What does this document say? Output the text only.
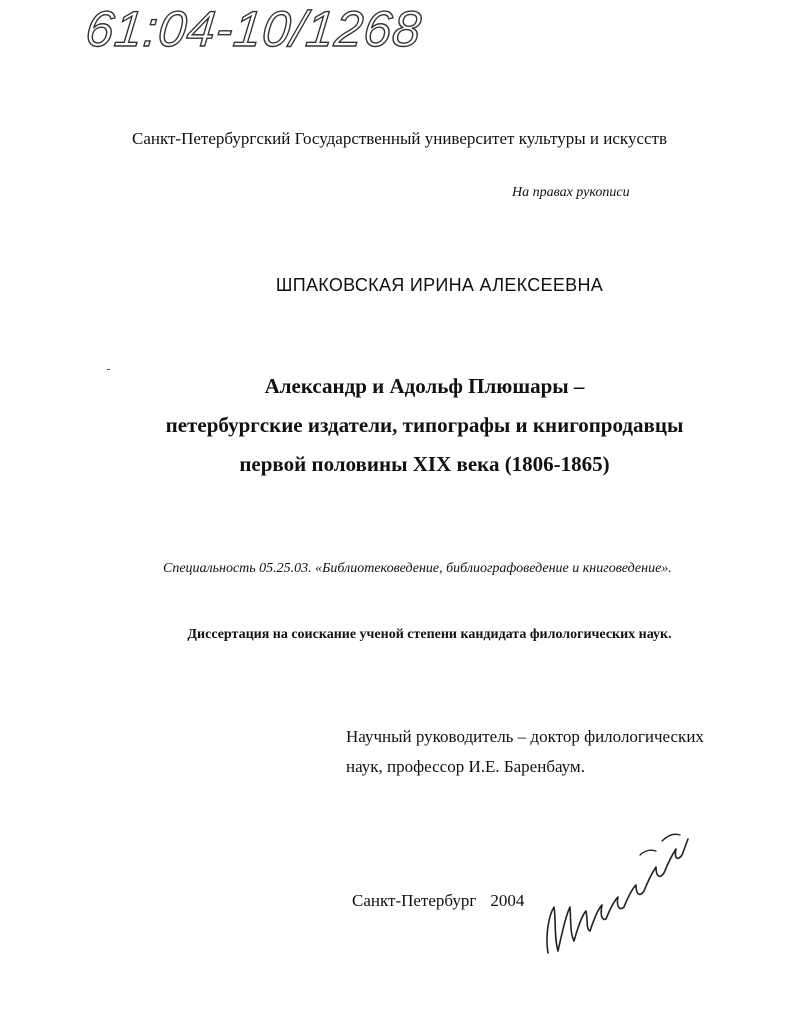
61:04-10/1268
Санкт-Петербургский Государственный университет культуры и искусств
На правах рукописи
ШПАКОВСКАЯ ИРИНА АЛЕКСЕЕВНА
Александр и Адольф Плюшары –
петербургские издатели, типографы и книгопродавцы
первой половины XIX века (1806-1865)
Специальность 05.25.03. «Библиотековедение, библиографоведение и книговедение».
Диссертация на соискание ученой степени кандидата филологических наук.
Научный руководитель – доктор филологических
наук, профессор И.Е. Баренбаум.
Санкт-Петербург 2004
